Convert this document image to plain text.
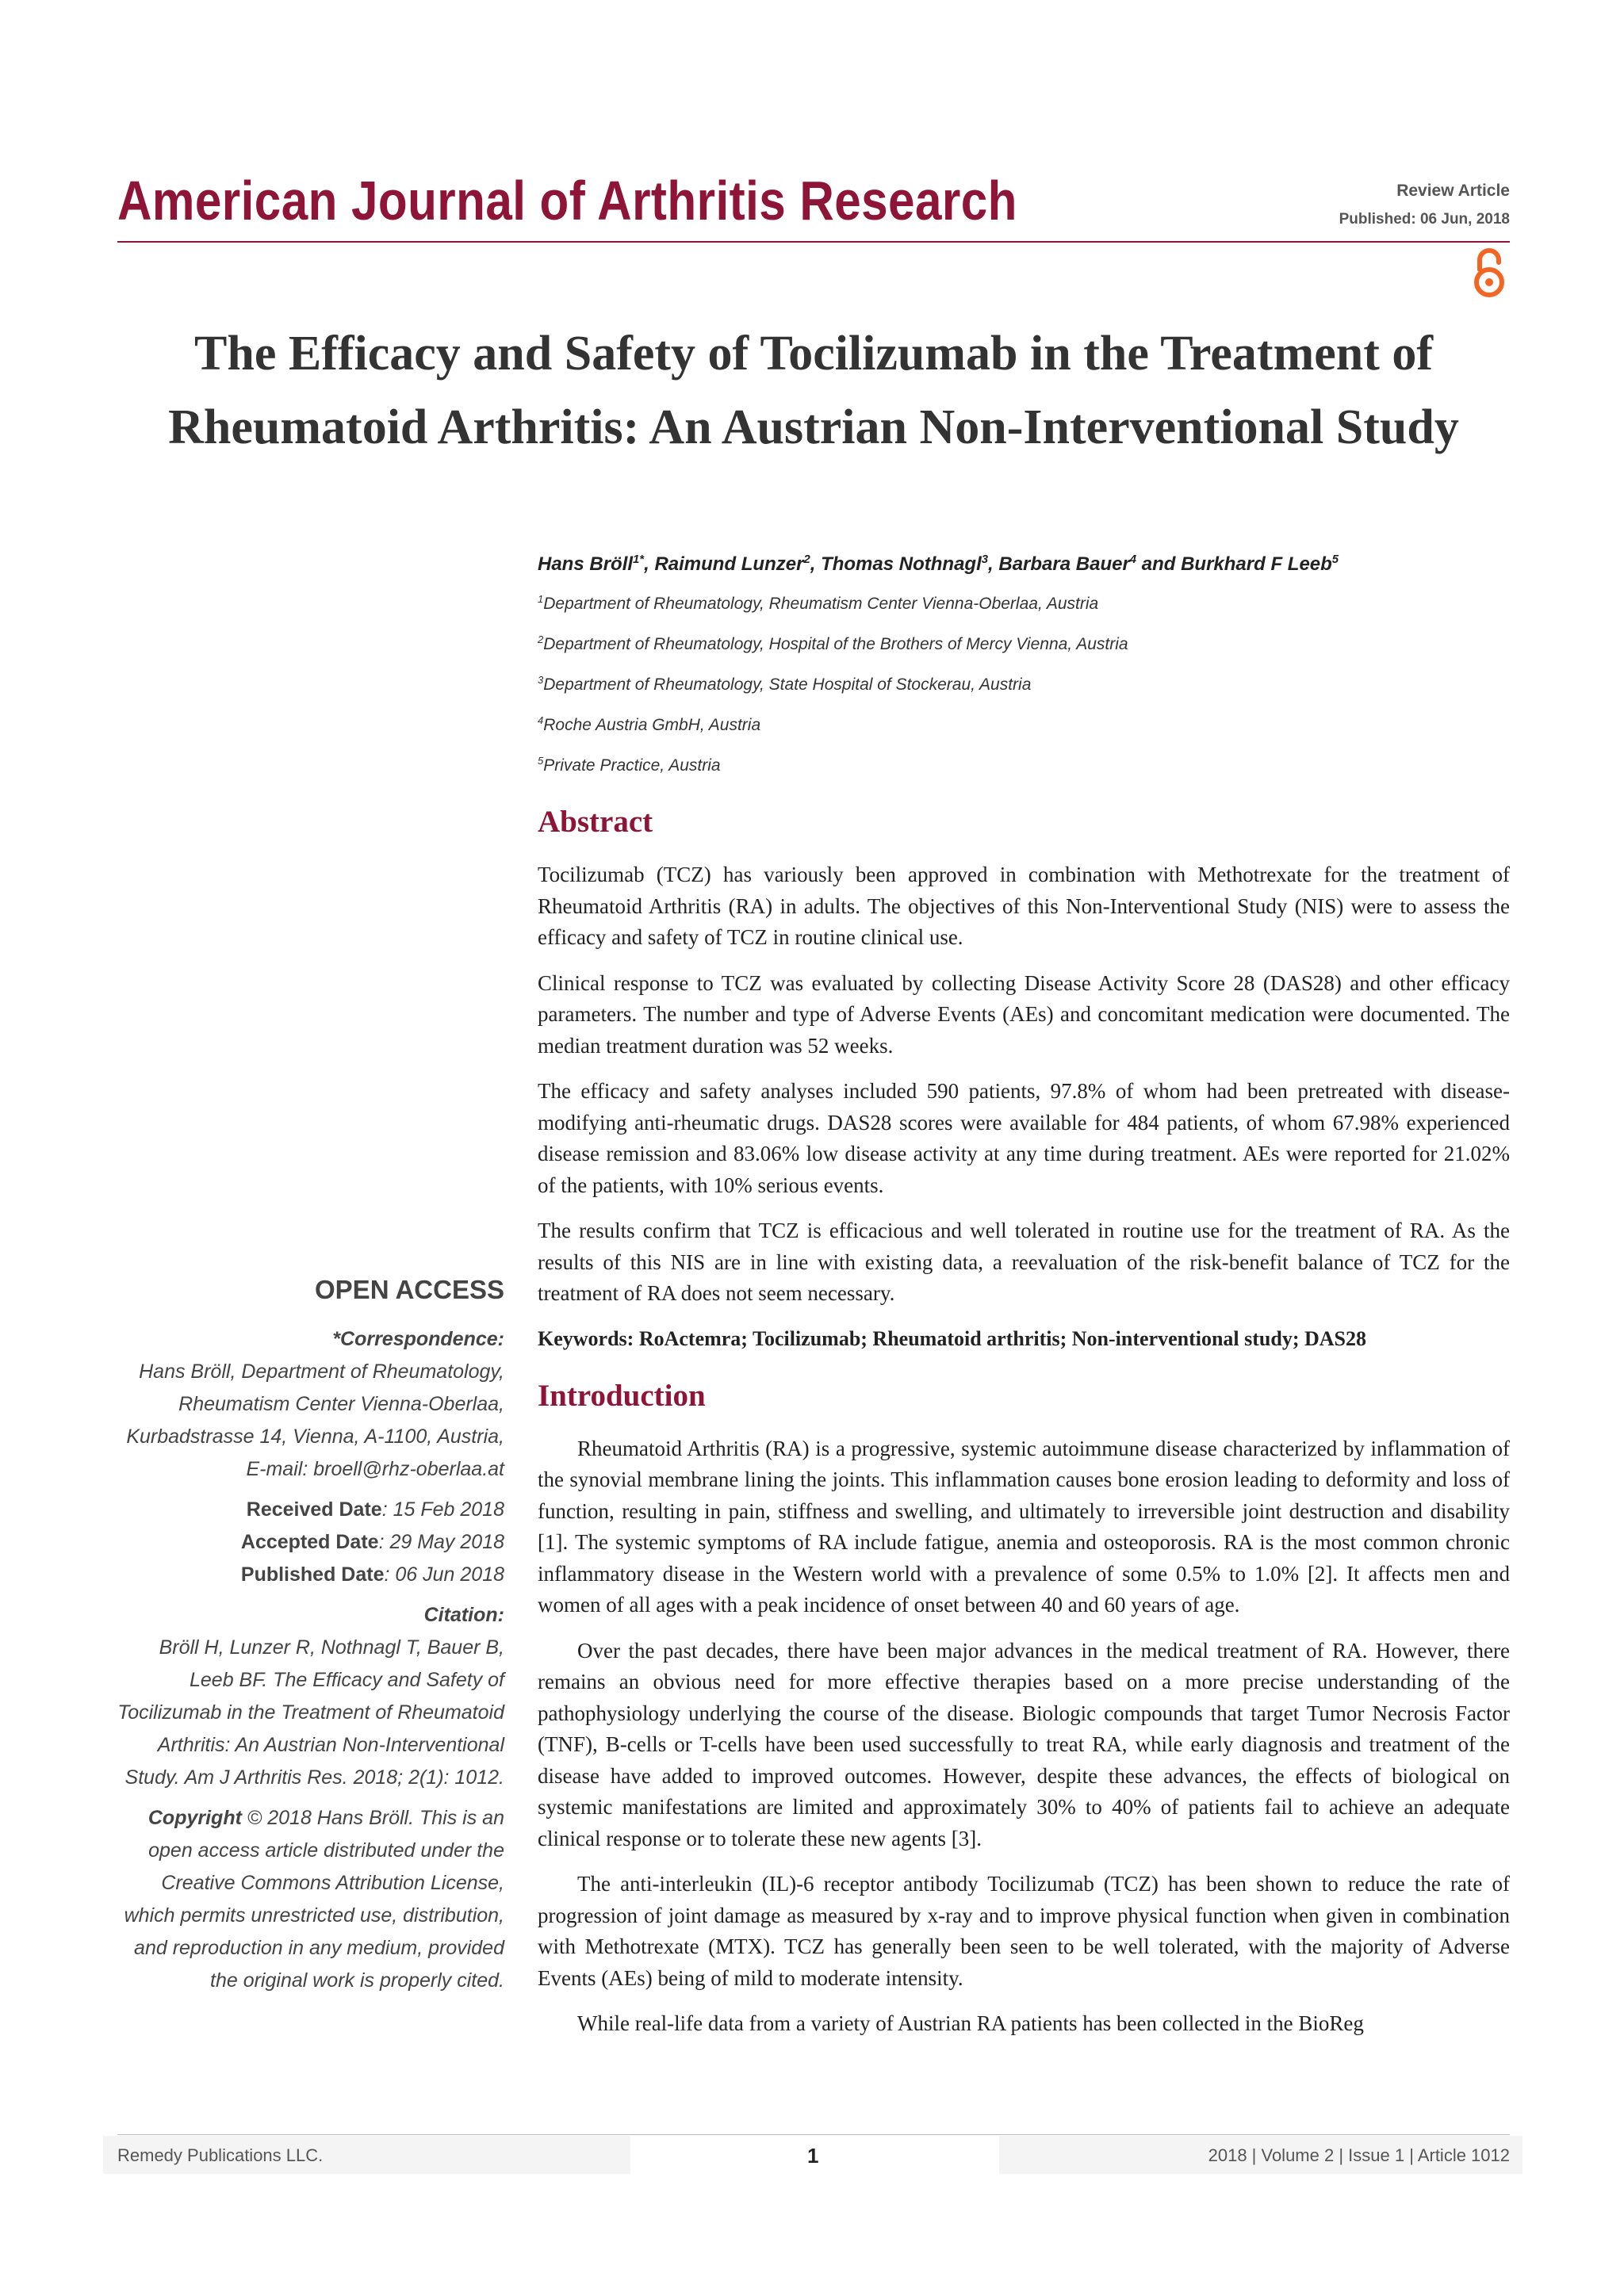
American Journal of Arthritis Research	Review Article
Published: 06 Jun, 2018
The Efficacy and Safety of Tocilizumab in the Treatment of Rheumatoid Arthritis: An Austrian Non-Interventional Study
Hans Bröll$^{1*}$, Raimund Lunzer$^2$, Thomas Nothnagl$^3$, Barbara Bauer$^4$ and Burkhard F Leeb$^5$
$^1$Department of Rheumatology, Rheumatism Center Vienna-Oberlaa, Austria
$^2$Department of Rheumatology, Hospital of the Brothers of Mercy Vienna, Austria
$^3$Department of Rheumatology, State Hospital of Stockerau, Austria
$^4$Roche Austria GmbH, Austria
$^5$Private Practice, Austria
Abstract

Tocilizumab (TCZ) has variously been approved in combination with Methotrexate for the treatment of Rheumatoid Arthritis (RA) in adults. The objectives of this Non-Interventional Study (NIS) were to assess the efficacy and safety of TCZ in routine clinical use.

Clinical response to TCZ was evaluated by collecting Disease Activity Score 28 (DAS28) and other efficacy parameters. The number and type of Adverse Events (AEs) and concomitant medication were documented. The median treatment duration was 52 weeks.

The efficacy and safety analyses included 590 patients, 97.8% of whom had been pretreated with disease-modifying anti-rheumatic drugs. DAS28 scores were available for 484 patients, of whom 67.98% experienced disease remission and 83.06% low disease activity at any time during treatment. AEs were reported for 21.02% of the patients, with 10% serious events.

The results confirm that TCZ is efficacious and well tolerated in routine use for the treatment of RA. As the results of this NIS are in line with existing data, a reevaluation of the risk-benefit balance of TCZ for the treatment of RA does not seem necessary.

Keywords: RoActemra; Tocilizumab; Rheumatoid arthritis; Non-interventional study; DAS28

Introduction

Rheumatoid Arthritis (RA) is a progressive, systemic autoimmune disease characterized by inflammation of the synovial membrane lining the joints. This inflammation causes bone erosion leading to deformity and loss of function, resulting in pain, stiffness and swelling, and ultimately to irreversible joint destruction and disability [1]. The systemic symptoms of RA include fatigue, anemia and osteoporosis. RA is the most common chronic inflammatory disease in the Western world with a prevalence of some 0.5% to 1.0% [2]. It affects men and women of all ages with a peak incidence of onset between 40 and 60 years of age.

Over the past decades, there have been major advances in the medical treatment of RA. However, there remains an obvious need for more effective therapies based on a more precise understanding of the pathophysiology underlying the course of the disease. Biologic compounds that target Tumor Necrosis Factor (TNF), B-cells or T-cells have been used successfully to treat RA, while early diagnosis and treatment of the disease have added to improved outcomes. However, despite these advances, the effects of biological on systemic manifestations are limited and approximately 30% to 40% of patients fail to achieve an adequate clinical response or to tolerate these new agents [3].

The anti-interleukin (IL)-6 receptor antibody Tocilizumab (TCZ) has been shown to reduce the rate of progression of joint damage as measured by x-ray and to improve physical function when given in combination with Methotrexate (MTX). TCZ has generally been seen to be well tolerated, with the majority of Adverse Events (AEs) being of mild to moderate intensity.

While real-life data from a variety of Austrian RA patients has been collected in the BioReg

OPEN ACCESS
*Correspondence:
Hans Bröll, Department of Rheumatology, Rheumatism Center Vienna-Oberlaa, Kurbadstrasse 14, Vienna, A-1100, Austria, E-mail: broell@rhz-oberlaa.at
Received Date: 15 Feb 2018
Accepted Date: 29 May 2018
Published Date: 06 Jun 2018
Citation:
Bröll H, Lunzer R, Nothnagl T, Bauer B, Leeb BF. The Efficacy and Safety of Tocilizumab in the Treatment of Rheumatoid Arthritis: An Austrian Non-Interventional Study. Am J Arthritis Res. 2018; 2(1): 1012.
Copyright © 2018 Hans Bröll. This is an open access article distributed under the Creative Commons Attribution License, which permits unrestricted use, distribution, and reproduction in any medium, provided the original work is properly cited.
Remedy Publications LLC.	1	2018 | Volume 2 | Issue 1 | Article 1012
